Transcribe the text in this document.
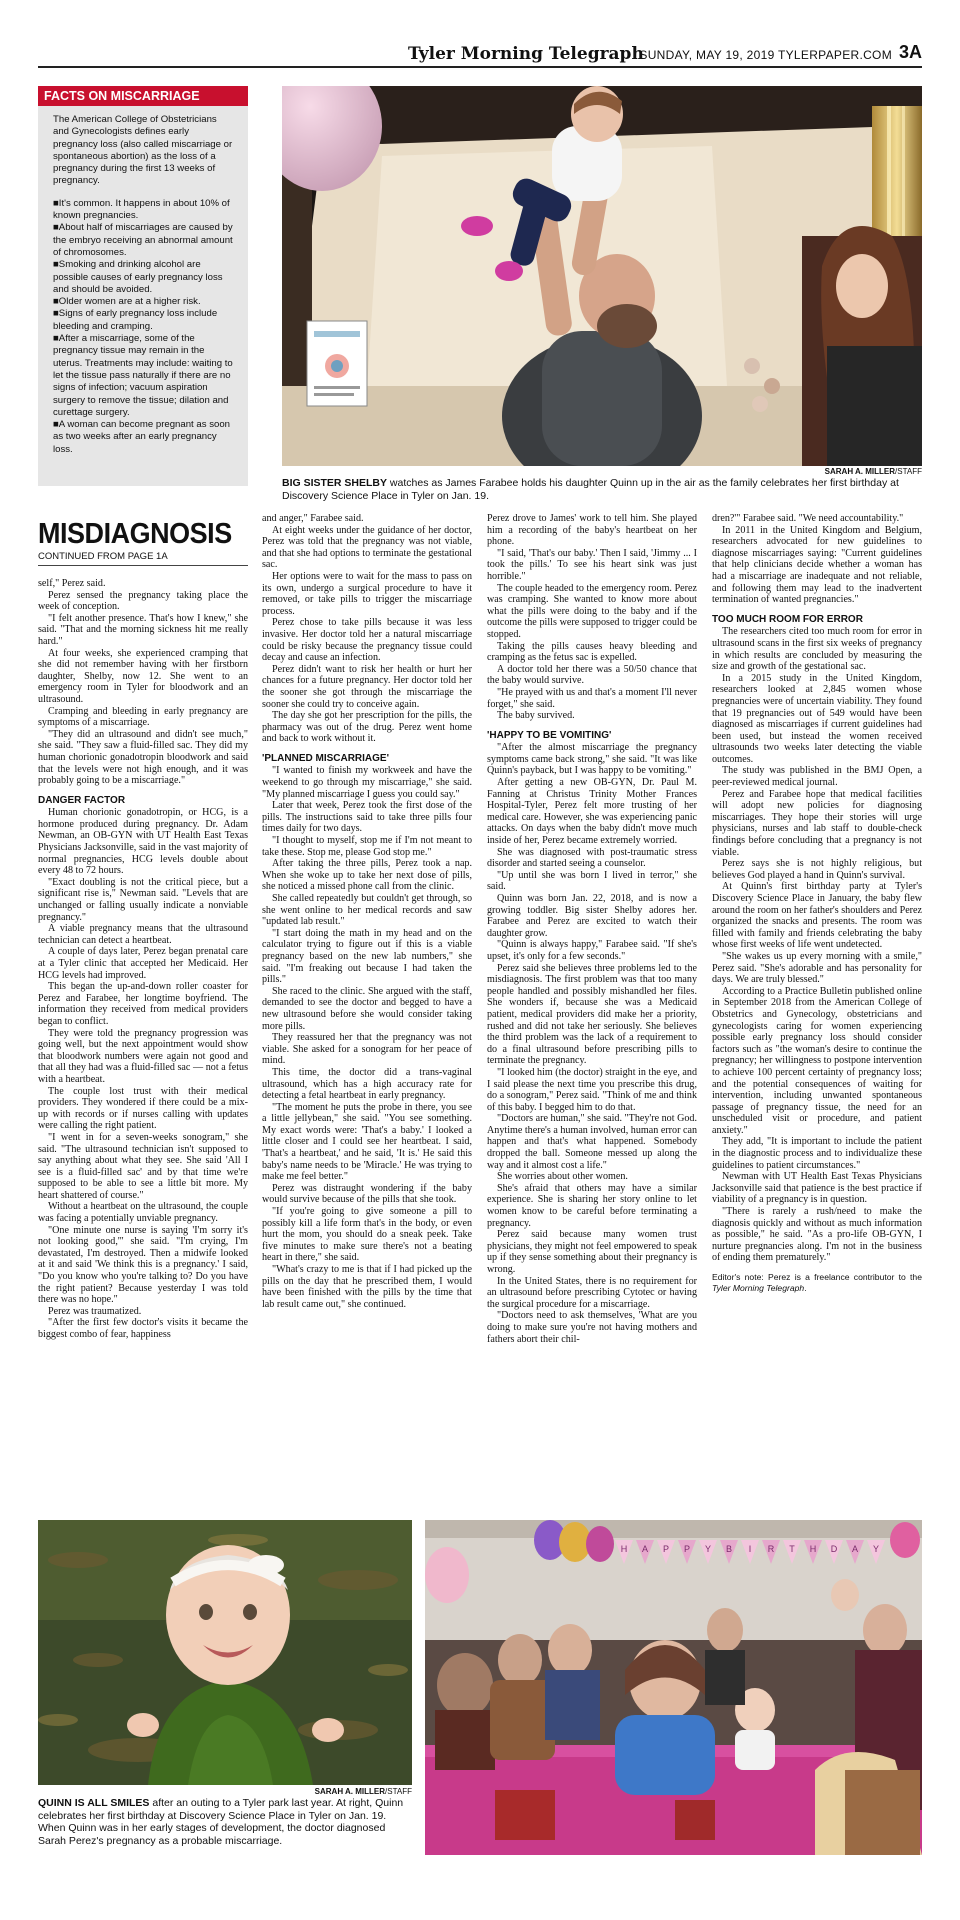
Tyler Morning Telegraph
SUNDAY, MAY 19, 2019 TYLERPAPER.COM 3A
FACTS ON MISCARRIAGE

The American College of Obstetricians and Gynecologists defines early pregnancy loss (also called miscarriage or spontaneous abortion) as the loss of a pregnancy during the first 13 weeks of pregnancy.

■ It's common. It happens in about 10% of known pregnancies.
■ About half of miscarriages are caused by the embryo receiving an abnormal amount of chromosomes.
■ Smoking and drinking alcohol are possible causes of early pregnancy loss and should be avoided.
■ Older women are at a higher risk.
■ Signs of early pregnancy loss include bleeding and cramping.
■ After a miscarriage, some of the pregnancy tissue may remain in the uterus. Treatments may include: waiting to let the tissue pass naturally if there are no signs of infection; vacuum aspiration surgery to remove the tissue; dilation and curettage surgery.
■ A woman can become pregnant as soon as two weeks after an early pregnancy loss.
SARAH A. MILLER/STAFF
BIG SISTER SHELBY watches as James Farabee holds his daughter Quinn up in the air as the family celebrates her first birthday at Discovery Science Place in Tyler on Jan. 19.
MISDIAGNOSIS
CONTINUED FROM PAGE 1A

self," Perez said.

Perez sensed the pregnancy taking place the week of conception.

"I felt another presence. That's how I knew," she said. "That and the morning sickness hit me really hard."

At four weeks, she experienced cramping that she did not remember having with her firstborn daughter, Shelby, now 12. She went to an emergency room in Tyler for bloodwork and an ultrasound.

Cramping and bleeding in early pregnancy are symptoms of a miscarriage.

"They did an ultrasound and didn't see much," she said. "They saw a fluid-filled sac. They did my human chorionic gonadotropin bloodwork and said that the levels were not high enough, and it was probably going to be a miscarriage."

DANGER FACTOR

Human chorionic gonadotropin, or HCG, is a hormone produced during pregnancy. Dr. Adam Newman, an OB-GYN with UT Health East Texas Physicians Jacksonville, said in the vast majority of normal pregnancies, HCG levels double about every 48 to 72 hours.

"Exact doubling is not the critical piece, but a significant rise is," Newman said. "Levels that are unchanged or falling usually indicate a nonviable pregnancy."

A viable pregnancy means that the ultrasound technician can detect a heartbeat.

A couple of days later, Perez began prenatal care at a Tyler clinic that accepted her Medicaid. Her HCG levels had improved.

This began the up-and-down roller coaster for Perez and Farabee, her longtime boyfriend. The information they received from medical providers began to conflict.

They were told the pregnancy progression was going well, but the next appointment would show that bloodwork numbers were again not good and that all they had was a fluid-filled sac — not a fetus with a heartbeat.

The couple lost trust with their medical providers. They wondered if there could be a mix-up with records or if nurses calling with updates were calling the right patient.

"I went in for a seven-weeks sonogram," she said. "The ultrasound technician isn't supposed to say anything about what they see. She said 'All I see is a fluid-filled sac' and by that time we're supposed to be able to see a little bit more. My heart shattered of course."

Without a heartbeat on the ultrasound, the couple was facing a potentially unviable pregnancy.

"One minute one nurse is saying 'I'm sorry it's not looking good,'" she said. "I'm crying, I'm devastated, I'm destroyed. Then a midwife looked at it and said 'We think this is a pregnancy.' I said, "Do you know who you're talking to? Do you have the right patient? Because yesterday I was told there was no hope."

Perez was traumatized.

"After the first few doctor's visits it became the biggest combo of fear, happiness

and anger," Farabee said.

At eight weeks under the guidance of her doctor, Perez was told that the pregnancy was not viable, and that she had options to terminate the gestational sac.

Her options were to wait for the mass to pass on its own, undergo a surgical procedure to have it removed, or take pills to trigger the miscarriage process.

Perez chose to take pills because it was less invasive. Her doctor told her a natural miscarriage could be risky because the pregnancy tissue could decay and cause an infection.

Perez didn't want to risk her health or hurt her chances for a future pregnancy. Her doctor told her the sooner she got through the miscarriage the sooner she could try to conceive again.

The day she got her prescription for the pills, the pharmacy was out of the drug. Perez went home and back to work without it.

'PLANNED MISCARRIAGE'

"I wanted to finish my workweek and have the weekend to go through my miscarriage," she said. "My planned miscarriage I guess you could say."

Later that week, Perez took the first dose of the pills. The instructions said to take three pills four times daily for two days.

"I thought to myself, stop me if I'm not meant to take these. Stop me, please God stop me."

After taking the three pills, Perez took a nap. When she woke up to take her next dose of pills, she noticed a missed phone call from the clinic.

She called repeatedly but couldn't get through, so she went online to her medical records and saw "updated lab result."

"I start doing the math in my head and on the calculator trying to figure out if this is a viable pregnancy based on the new lab numbers," she said. "I'm freaking out because I had taken the pills."

She raced to the clinic. She argued with the staff, demanded to see the doctor and begged to have a new ultrasound before she would consider taking more pills.

They reassured her that the pregnancy was not viable. She asked for a sonogram for her peace of mind.

This time, the doctor did a trans-vaginal ultrasound, which has a high accuracy rate for detecting a fetal heartbeat in early pregnancy.

"The moment he puts the probe in there, you see a little jellybean," she said. "You see something. My exact words were: 'That's a baby.' I looked a little closer and I could see her heartbeat. I said, 'That's a heartbeat,' and he said, 'It is.' He said this baby's name needs to be 'Miracle.' He was trying to make me feel better."

Perez was distraught wondering if the baby would survive because of the pills that she took.

"If you're going to give someone a pill to possibly kill a life form that's in the body, or even hurt the mom, you should do a sneak peek. Take five minutes to make sure there's not a beating heart in there," she said.

"What's crazy to me is that if I had picked up the pills on the day that he prescribed them, I would have been finished with the pills by the time that lab result came out," she continued.

Perez drove to James' work to tell him. She played him a recording of the baby's heartbeat on her phone.

"I said, 'That's our baby.' Then I said, 'Jimmy ... I took the pills.' To see his heart sink was just horrible."

The couple headed to the emergency room. Perez was cramping. She wanted to know more about what the pills were doing to the baby and if the outcome the pills were supposed to trigger could be stopped.

Taking the pills causes heavy bleeding and cramping as the fetus sac is expelled.

A doctor told her there was a 50/50 chance that the baby would survive.

"He prayed with us and that's a moment I'll never forget," she said.

The baby survived.

'HAPPY TO BE VOMITING'

"After the almost miscarriage the pregnancy symptoms came back strong," she said. "It was like Quinn's payback, but I was happy to be vomiting."

After getting a new OB-GYN, Dr. Paul M. Fanning at Christus Trinity Mother Frances Hospital-Tyler, Perez felt more trusting of her medical care. However, she was experiencing panic attacks. On days when the baby didn't move much inside of her, Perez became extremely worried.

She was diagnosed with post-traumatic stress disorder and started seeing a counselor.

"Up until she was born I lived in terror," she said.

Quinn was born Jan. 22, 2018, and is now a growing toddler. Big sister Shelby adores her. Farabee and Perez are excited to watch their daughter grow.

"Quinn is always happy," Farabee said. "If she's upset, it's only for a few seconds."

Perez said she believes three problems led to the misdiagnosis. The first problem was that too many people handled and possibly mishandled her files. She wonders if, because she was a Medicaid patient, medical providers did make her a priority, rushed and did not take her seriously. She believes the third problem was the lack of a requirement to do a final ultrasound before prescribing pills to terminate the pregnancy.

"I looked him (the doctor) straight in the eye, and I said please the next time you prescribe this drug, do a sonogram," Perez said. "Think of me and think of this baby. I begged him to do that.

"Doctors are human," she said. "They're not God. Anytime there's a human involved, human error can happen and that's what happened. Somebody dropped the ball. Someone messed up along the way and it almost cost a life."

She worries about other women.

She's afraid that others may have a similar experience. She is sharing her story online to let women know to be careful before terminating a pregnancy.

Perez said because many women trust physicians, they might not feel empowered to speak up if they sense something about their pregnancy is wrong.

In the United States, there is no requirement for an ultrasound before prescribing Cytotec or having the surgical procedure for a miscarriage.

"Doctors need to ask themselves, 'What are you doing to make sure you're not having mothers and fathers abort their chil-

dren?'" Farabee said. "We need accountability."

In 2011 in the United Kingdom and Belgium, researchers advocated for new guidelines to diagnose miscarriages saying: "Current guidelines that help clinicians decide whether a woman has had a miscarriage are inadequate and not reliable, and following them may lead to the inadvertent termination of wanted pregnancies."

TOO MUCH ROOM FOR ERROR

The researchers cited too much room for error in ultrasound scans in the first six weeks of pregnancy in which results are concluded by measuring the size and growth of the gestational sac.

In a 2015 study in the United Kingdom, researchers looked at 2,845 women whose pregnancies were of uncertain viability. They found that 19 pregnancies out of 549 would have been diagnosed as miscarriages if current guidelines had been used, but instead the women received ultrasounds two weeks later detecting the viable outcomes.

The study was published in the BMJ Open, a peer-reviewed medical journal.

Perez and Farabee hope that medical facilities will adopt new policies for diagnosing miscarriages. They hope their stories will urge physicians, nurses and lab staff to double-check findings before concluding that a pregnancy is not viable.

Perez says she is not highly religious, but believes God played a hand in Quinn's survival.

At Quinn's first birthday party at Tyler's Discovery Science Place in January, the baby flew around the room on her father's shoulders and Perez organized the snacks and presents. The room was filled with family and friends celebrating the baby whose first weeks of life went undetected.

"She wakes us up every morning with a smile," Perez said. "She's adorable and has personality for days. We are truly blessed."

According to a Practice Bulletin published online in September 2018 from the American College of Obstetrics and Gynecology, obstetricians and gynecologists caring for women experiencing possible early pregnancy loss should consider factors such as "the woman's desire to continue the pregnancy; her willingness to postpone intervention to achieve 100 percent certainty of pregnancy loss; and the potential consequences of waiting for intervention, including unwanted spontaneous passage of pregnancy tissue, the need for an unscheduled visit or procedure, and patient anxiety."

They add, "It is important to include the patient in the diagnostic process and to individualize these guidelines to patient circumstances."

Newman with UT Health East Texas Physicians Jacksonville said that patience is the best practice if viability of a pregnancy is in question.

"There is rarely a rush/need to make the diagnosis quickly and without as much information as possible," he said. "As a pro-life OB-GYN, I nurture pregnancies along. I'm not in the business of ending them prematurely."

Editor's note: Perez is a freelance contributor to the Tyler Morning Telegraph.

H A P P Y B I R T H D A Y
SARAH A. MILLER/STAFF
QUINN IS ALL SMILES after an outing to a Tyler park last year. At right, Quinn celebrates her first birthday at Discovery Science Place in Tyler on Jan. 19. When Quinn was in her early stages of development, the doctor diagnosed Sarah Perez's pregnancy as a probable miscarriage.
